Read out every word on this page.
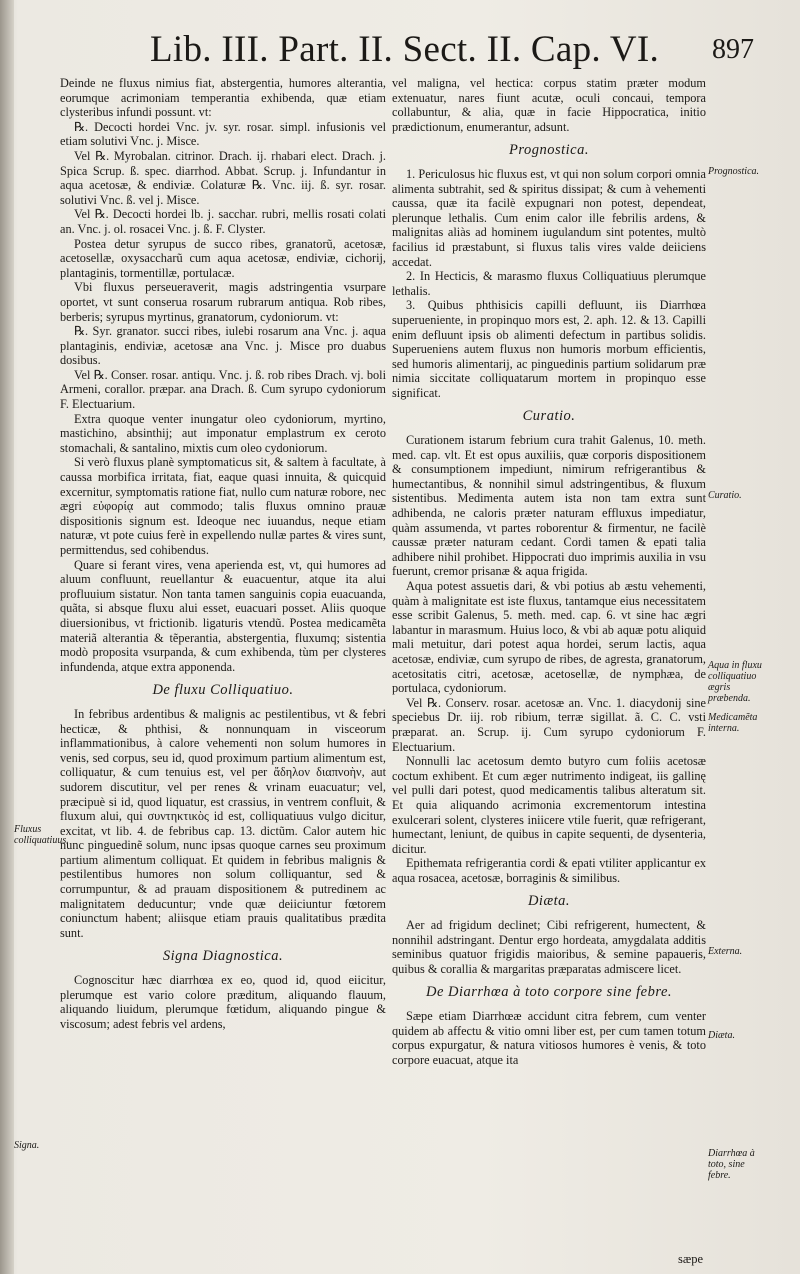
Lib. III. Part. II. Sect. II. Cap. VI.	897

Deinde ne fluxus nimius fiat, abstergentia, humores alterantia, eorumque acrimoniam temperantia exhibenda, quæ etiam clysteribus infundi possunt. vt:

℞. Decocti hordei Vnc. jv. syr. rosar. simpl. infusionis vel etiam solutivi Vnc. j. Misce.

Vel ℞. Myrobalan. citrinor. Drach. ij. rhabari elect. Drach. j. Spica Scrup. ß. spec. diarrhod. Abbat. Scrup. j. Infundantur in aqua acetosæ, & endiviæ. Colaturæ ℞. Vnc. iij. ß. syr. rosar. solutivi Vnc. ß. vel j. Misce.

Vel ℞. Decocti hordei lb. j. sacchar. rubri, mellis rosati colati an. Vnc. j. ol. rosacei Vnc. j. ß. F. Clyster.

Postea detur syrupus de succo ribes, granatorũ, acetosæ, acetosellæ, oxysaccharũ cum aqua acetosæ, endiviæ, cichorij, plantaginis, tormentillæ, portulacæ.

Vbi fluxus perseueraverit, magis adstringentia vsurpare oportet, vt sunt conserua rosarum rubrarum antiqua. Rob ribes, berberis; syrupus myrtinus, granatorum, cydoniorum. vt:

℞. Syr. granator. succi ribes, iulebi rosarum ana Vnc. j. aqua plantaginis, endiviæ, acetosæ ana Vnc. j. Misce pro duabus dosibus.

Vel ℞. Conser. rosar. antiqu. Vnc. j. ß. rob ribes Drach. vj. boli Armeni, corallor. præpar. ana Drach. ß. Cum syrupo cydoniorum F. Electuarium.

Extra quoque venter inungatur oleo cydoniorum, myrtino, mastichino, absinthij; aut imponatur emplastrum ex ceroto stomachali, & santalino, mixtis cum oleo cydoniorum.

Si verò fluxus planè symptomaticus sit, & saltem à facultate, à caussa morbifica irritata, fiat, eaque quasi innuita, & quicquid excernitur, symptomatis ratione fiat, nullo cum naturæ robore, nec ægri εὐφορίᾳ aut commodo; talis fluxus omnino prauæ dispositionis signum est. Ideoque nec iuuandus, neque etiam naturæ, vt pote cuius ferè in expellendo nullæ partes & vires sunt, permittendus, sed cohibendus.

Quare si ferant vires, vena aperienda est, vt, qui humores ad aluum confluunt, reuellantur & euacuentur, atque ita alui profluuium sistatur. Non tanta tamen sanguinis copia euacuanda, quãta, si absque fluxu alui esset, euacuari posset. Aliis quoque diuersionibus, vt frictionib. ligaturis vtendũ. Postea medicamẽta materiã alterantia & tẽperantia, abstergentia, fluxumq; sistentia modò proposita vsurpanda, & cum exhibenda, tùm per clysteres infundenda, atque extra apponenda.

De fluxu Colliquatiuo.

In febribus ardentibus & malignis ac pestilentibus, vt & febri hecticæ, & phthisi, & nonnunquam in visceorum inflammationibus, à calore vehementi non solum humores in venis, sed corpus, seu id, quod proximum partium alimentum est, colliquatur, & cum tenuius est, vel per ἄδηλον διαπνοὴν, aut sudorem discutitur, vel per renes & vrinam euacuatur; vel, præcipuè si id, quod liquatur, est crassius, in ventrem confluit, & fluxum alui, qui συντηκτικὸς id est, colliquatiuus vulgo dicitur, excitat, vt lib. 4. de febribus cap. 13. dictũm. Calor autem hic nunc pinguedinẽ solum, nunc ipsas quoque carnes seu proximum partium alimentum colliquat. Et quidem in febribus malignis & pestilentibus humores non solum colliquantur, sed & corrumpuntur, & ad prauam dispositionem & putredinem ac malignitatem deducuntur; vnde quæ deiiciuntur fœtorem coniunctum habent; aliisque etiam prauis qualitatibus prædita sunt.

Signa Diagnostica.

Cognoscitur hæc diarrhœa ex eo, quod id, quod eiicitur, plerumque est vario colore præditum, aliquando flauum, aliquando liuidum, plerumque fœtidum, aliquando pingue & viscosum; adest febris vel ardens,

vel maligna, vel hectica: corpus statim præter modum extenuatur, nares fiunt acutæ, oculi concaui, tempora collabuntur, & alia, quæ in facie Hippocratica, initio prædictionum, enumerantur, adsunt.

Prognostica.

1. Periculosus hic fluxus est, vt qui non solum corpori omnia alimenta subtrahit, sed & spiritus dissipat; & cum à vehementi caussa, quæ ita facilè expugnari non potest, dependeat, plerunque lethalis. Cum enim calor ille febrilis ardens, & malignitas aliàs ad hominem iugulandum sint potentes, multò facilius id præstabunt, si fluxus talis vires valde deiiciens accedat.

2. In Hecticis, & marasmo fluxus Colliquatiuus plerumque lethalis.

3. Quibus phthisicis capilli defluunt, iis Diarrhœa superueniente, in propinquo mors est, 2. aph. 12. & 13. Capilli enim defluunt ipsis ob alimenti defectum in partibus solidis. Superueniens autem fluxus non humoris morbum efficientis, sed humoris alimentarij, ac pinguedinis partium solidarum præ nimia siccitate colliquatarum mortem in propinquo esse significat.

Curatio.

Curationem istarum febrium cura trahit Galenus, 10. meth. med. cap. vlt. Et est opus auxiliis, quæ corporis dispositionem & consumptionem impediunt, nimirum refrigerantibus & humectantibus, & nonnihil simul adstringentibus, & fluxum sistentibus. Medimenta autem ista non tam extra sunt adhibenda, ne caloris præter naturam effluxus impediatur, quàm assumenda, vt partes roborentur & firmentur, ne facilè caussæ præter naturam cedant. Cordi tamen & epati talia adhibere nihil prohibet. Hippocrati duo imprimis auxilia in vsu fuerunt, cremor prisanæ & aqua frigida.

Aqua potest assuetis dari, & vbi potius ab æstu vehementi, quàm à malignitate est iste fluxus, tantamque eius necessitatem esse scribit Galenus, 5. meth. med. cap. 6. vt sine hac ægri labantur in marasmum. Huius loco, & vbi ab aquæ potu aliquid mali metuitur, dari potest aqua hordei, serum lactis, aqua acetosæ, endiviæ, cum syrupo de ribes, de agresta, granatorum, acetositatis citri, acetosæ, acetosellæ, de nymphæa, de portulaca, cydoniorum.

Vel ℞. Conserv. rosar. acetosæ an. Vnc. 1. diacydonij sine speciebus Dr. iij. rob ribium, terræ sigillat. ã. C. C. vsti præparat. an. Scrup. ij. Cum syrupo cydoniorum F. Electuarium.

Nonnulli lac acetosum demto butyro cum foliis acetosæ coctum exhibent. Et cum æger nutrimento indigeat, iis gallinę vel pulli dari potest, quod medicamentis talibus alteratum sit. Et quia aliquando acrimonia excrementorum intestina exulcerari solent, clysteres iniicere vtile fuerit, quæ refrigerant, humectant, leniunt, de quibus in capite sequenti, de dysenteria, dicitur.

Epithemata refrigerantia cordi & epati vtiliter applicantur ex aqua rosacea, acetosæ, borraginis & similibus.

Diæta.

Aer ad frigidum declinet; Cibi refrigerent, humectent, & nonnihil adstringant. Dentur ergo hordeata, amygdalata additis seminibus quatuor frigidis maioribus, & semine papaueris, quibus & corallia & margaritas præparatas admiscere licet.

De Diarrhœa à toto corpore sine febre.

Sæpe etiam Diarrhœæ accidunt citra febrem, cum venter quidem ab affectu & vitio omni liber est, per cum tamen totum corpus expurgatur, & natura vitiosos humores è venis, & toto corpore euacuat, atque ita

Fluxus colliquatiuus.
Signa.
Prognostica.
Curatio.
Aqua in fluxu colliquatiuo ægris præbenda.
Medicamẽta interna.
Externa.
Diæta.
Diarrhœa à toto, sine febre.
sæpe
